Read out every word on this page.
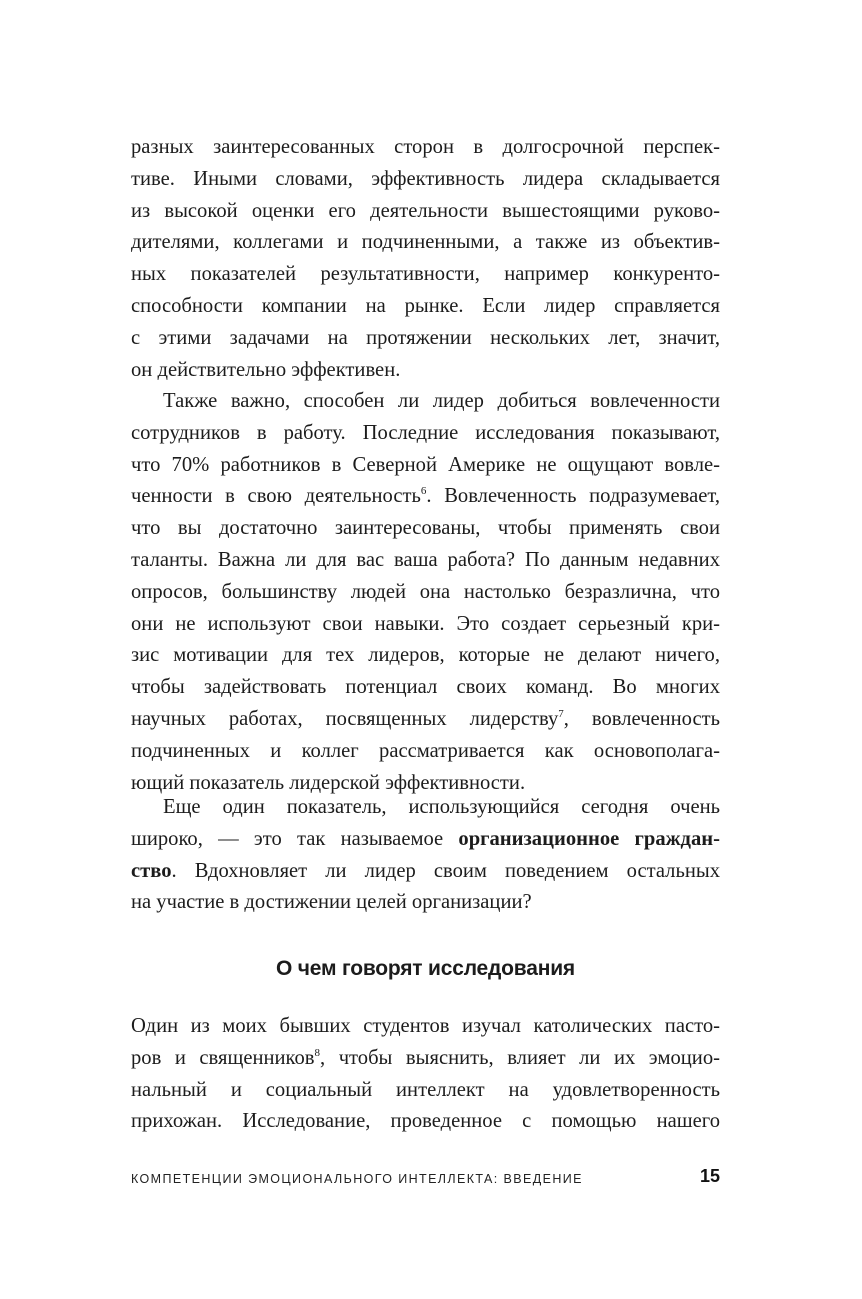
разных заинтересованных сторон в долгосрочной перспек-
тиве. Иными словами, эффективность лидера складывается
из высокой оценки его деятельности вышестоящими руково-
дителями, коллегами и подчиненными, а также из объектив-
ных показателей результативности, например конкуренто-
способности компании на рынке. Если лидер справляется
с этими задачами на протяжении нескольких лет, значит,
он действительно эффективен.
Также важно, способен ли лидер добиться вовлеченности
сотрудников в работу. Последние исследования показывают,
что 70% работников в Северной Америке не ощущают вовле-
ченности в свою деятельность$^6$. Вовлеченность подразумевает,
что вы достаточно заинтересованы, чтобы применять свои
таланты. Важна ли для вас ваша работа? По данным недавних
опросов, большинству людей она настолько безразлична, что
они не используют свои навыки. Это создает серьезный кри-
зис мотивации для тех лидеров, которые не делают ничего,
чтобы задействовать потенциал своих команд. Во многих
научных работах, посвященных лидерству$^7$, вовлеченность
подчиненных и коллег рассматривается как основополага-
ющий показатель лидерской эффективности.
Еще один показатель, использующийся сегодня очень
широко, — это так называемое организационное граждан-
ство. Вдохновляет ли лидер своим поведением остальных
на участие в достижении целей организации?
О чем говорят исследования
Один из моих бывших студентов изучал католических пасто-
ров и священников$^8$, чтобы выяснить, влияет ли их эмоцио-
нальный и социальный интеллект на удовлетворенность
прихожан. Исследование, проведенное с помощью нашего
КОМПЕТЕНЦИИ ЭМОЦИОНАЛЬНОГО ИНТЕЛЛЕКТА: ВВЕДЕНИЕ	15
